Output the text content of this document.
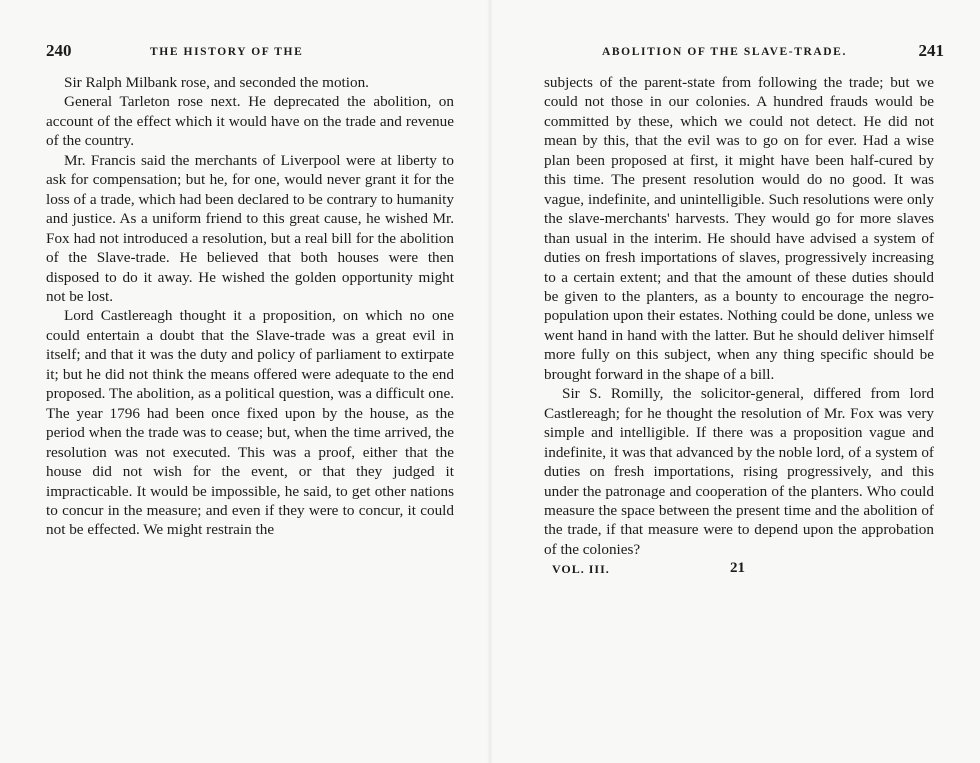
240	THE HISTORY OF THE

Sir Ralph Milbank rose, and seconded the motion.

General Tarleton rose next. He deprecated the abolition, on account of the effect which it would have on the trade and revenue of the country.

Mr. Francis said the merchants of Liverpool were at liberty to ask for compensation; but he, for one, would never grant it for the loss of a trade, which had been declared to be contrary to humanity and justice. As a uniform friend to this great cause, he wished Mr. Fox had not introduced a resolution, but a real bill for the abolition of the Slave-trade. He believed that both houses were then disposed to do it away. He wished the golden opportunity might not be lost.

Lord Castlereagh thought it a proposition, on which no one could entertain a doubt that the Slave-trade was a great evil in itself; and that it was the duty and policy of parliament to extirpate it; but he did not think the means offered were adequate to the end proposed. The abolition, as a political question, was a difficult one. The year 1796 had been once fixed upon by the house, as the period when the trade was to cease; but, when the time arrived, the resolution was not executed. This was a proof, either that the house did not wish for the event, or that they judged it impracticable. It would be impossible, he said, to get other nations to concur in the measure; and even if they were to concur, it could not be effected. We might restrain the

ABOLITION OF THE SLAVE-TRADE.	241

subjects of the parent-state from following the trade; but we could not those in our colonies. A hundred frauds would be committed by these, which we could not detect. He did not mean by this, that the evil was to go on for ever. Had a wise plan been proposed at first, it might have been half-cured by this time. The present resolution would do no good. It was vague, indefinite, and unintelligible. Such resolutions were only the slave-merchants' harvests. They would go for more slaves than usual in the interim. He should have advised a system of duties on fresh importations of slaves, progressively increasing to a certain extent; and that the amount of these duties should be given to the planters, as a bounty to encourage the negro-population upon their estates. Nothing could be done, unless we went hand in hand with the latter. But he should deliver himself more fully on this subject, when any thing specific should be brought forward in the shape of a bill.

Sir S. Romilly, the solicitor-general, differed from lord Castlereagh; for he thought the resolution of Mr. Fox was very simple and intelligible. If there was a proposition vague and indefinite, it was that advanced by the noble lord, of a system of duties on fresh importations, rising progressively, and this under the patronage and cooperation of the planters. Who could measure the space between the present time and the abolition of the trade, if that measure were to depend upon the approbation of the colonies?

VOL. III.	21
